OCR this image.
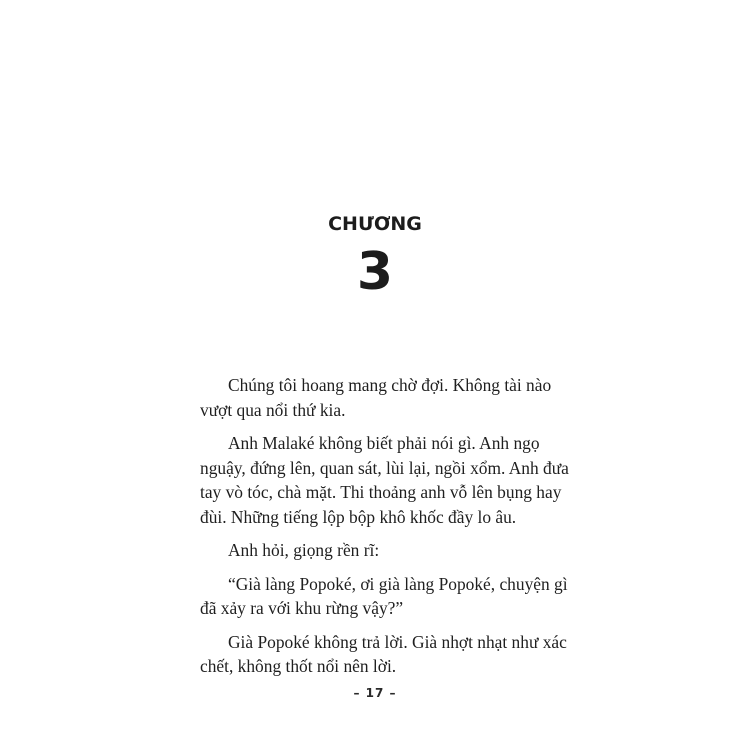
CHƯƠNG
3

Chúng tôi hoang mang chờ đợi. Không tài nào
vượt qua nổi thứ kia.

Anh Malaké không biết phải nói gì. Anh ngọ
nguậy, đứng lên, quan sát, lùi lại, ngồi xổm. Anh đưa
tay vò tóc, chà mặt. Thi thoảng anh vỗ lên bụng hay
đùi. Những tiếng lộp bộp khô khốc đầy lo âu.

Anh hỏi, giọng rền rĩ:

“Già làng Popoké, ơi già làng Popoké, chuyện gì
đã xảy ra với khu rừng vậy?”

Già Popoké không trả lời. Già nhợt nhạt như xác
chết, không thốt nổi nên lời.

– 17 –
